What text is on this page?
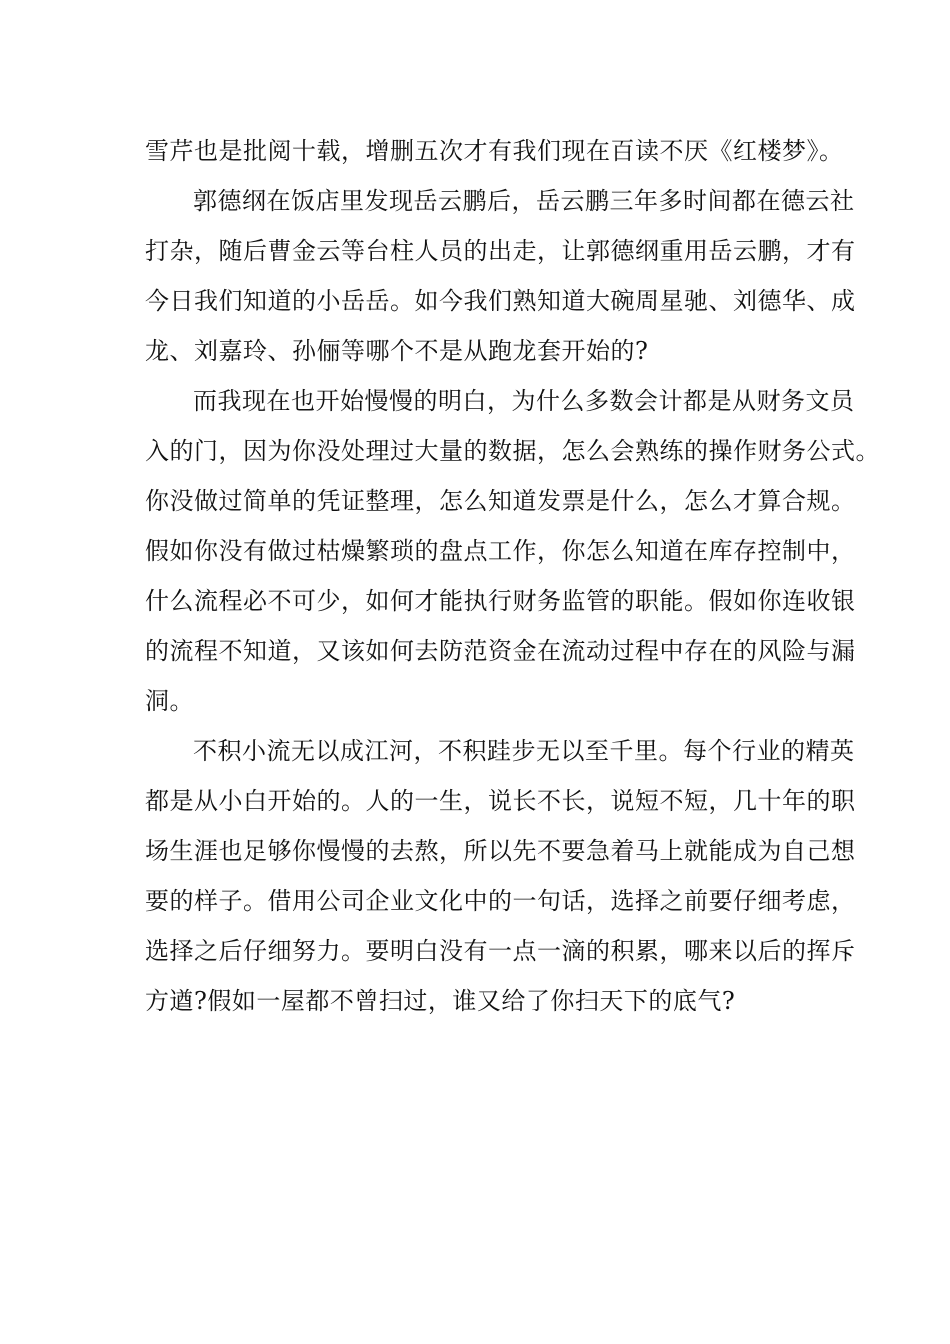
雪芹也是批阅十载，增删五次才有我们现在百读不厌《红楼梦》。
郭德纲在饭店里发现岳云鹏后，岳云鹏三年多时间都在德云社
打杂，随后曹金云等台柱人员的出走，让郭德纲重用岳云鹏，才有
今日我们知道的小岳岳。如今我们熟知道大碗周星驰、刘德华、成
龙、刘嘉玲、孙俪等哪个不是从跑龙套开始的?
而我现在也开始慢慢的明白，为什么多数会计都是从财务文员
入的门，因为你没处理过大量的数据，怎么会熟练的操作财务公式。
你没做过简单的凭证整理，怎么知道发票是什么，怎么才算合规。
假如你没有做过枯燥繁琐的盘点工作，你怎么知道在库存控制中，
什么流程必不可少，如何才能执行财务监管的职能。假如你连收银
的流程不知道，又该如何去防范资金在流动过程中存在的风险与漏
洞。
不积小流无以成江河，不积跬步无以至千里。每个行业的精英
都是从小白开始的。人的一生，说长不长，说短不短，几十年的职
场生涯也足够你慢慢的去熬，所以先不要急着马上就能成为自己想
要的样子。借用公司企业文化中的一句话，选择之前要仔细考虑，
选择之后仔细努力。要明白没有一点一滴的积累，哪来以后的挥斥
方遒?假如一屋都不曾扫过，谁又给了你扫天下的底气?
